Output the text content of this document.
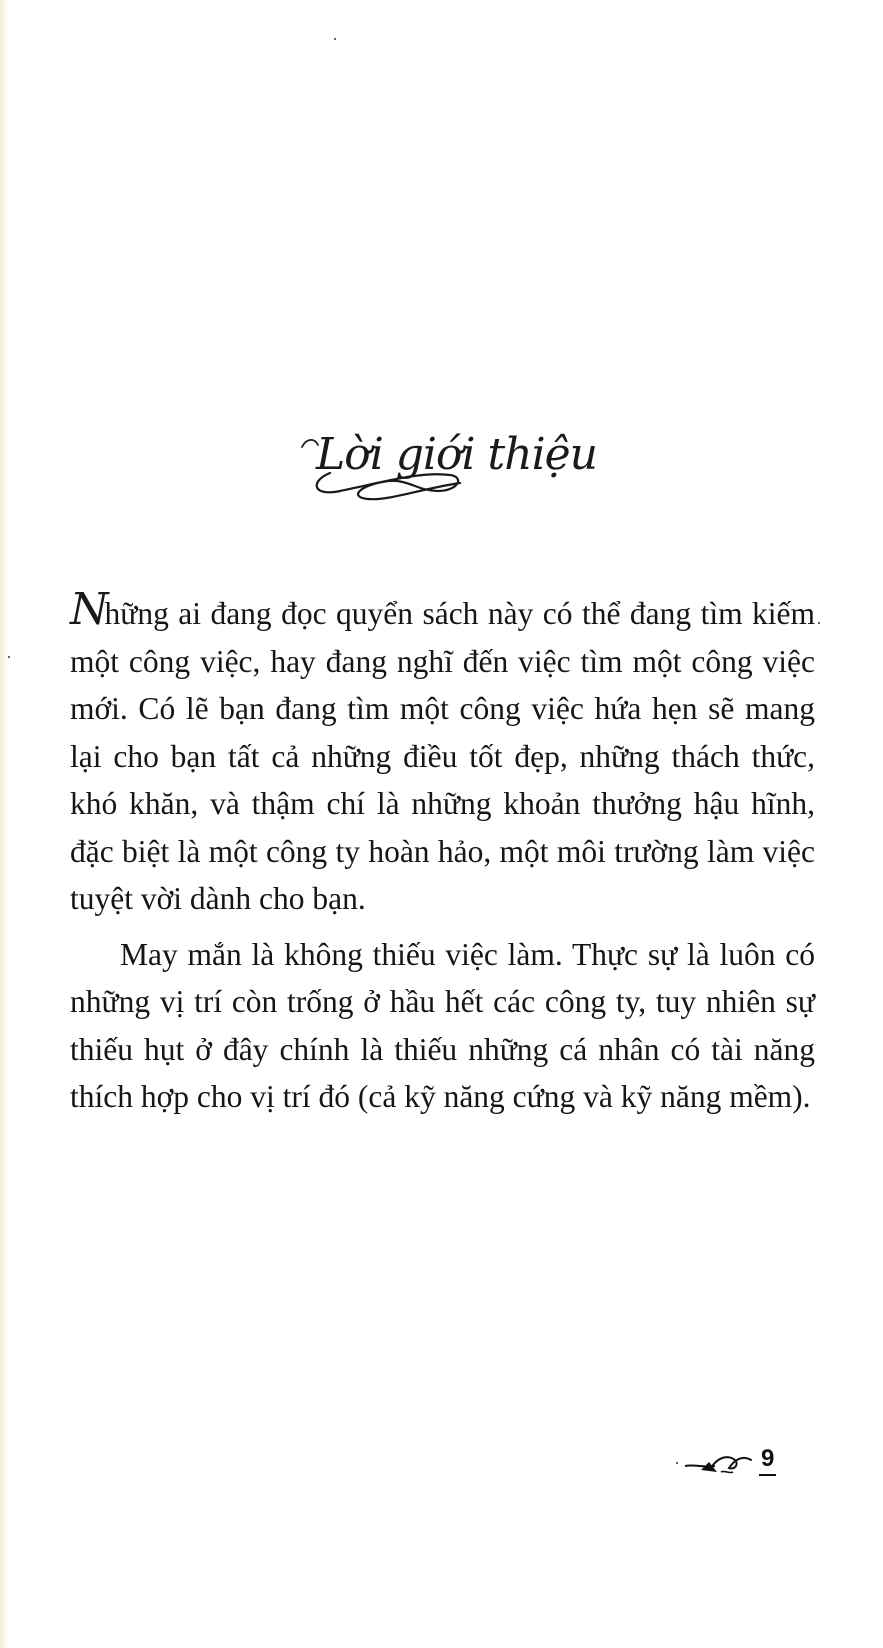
Lời giới thiệu

Những ai đang đọc quyển sách này có thể đang tìm kiếm một công việc, hay đang nghĩ đến việc tìm một công việc mới. Có lẽ bạn đang tìm một công việc hứa hẹn sẽ mang lại cho bạn tất cả những điều tốt đẹp, những thách thức, khó khăn, và thậm chí là những khoản thưởng hậu hĩnh, đặc biệt là một công ty hoàn hảo, một môi trường làm việc tuyệt vời dành cho bạn.

May mắn là không thiếu việc làm. Thực sự là luôn có những vị trí còn trống ở hầu hết các công ty, tuy nhiên sự thiếu hụt ở đây chính là thiếu những cá nhân có tài năng thích hợp cho vị trí đó (cả kỹ năng cứng và kỹ năng mềm).

9
